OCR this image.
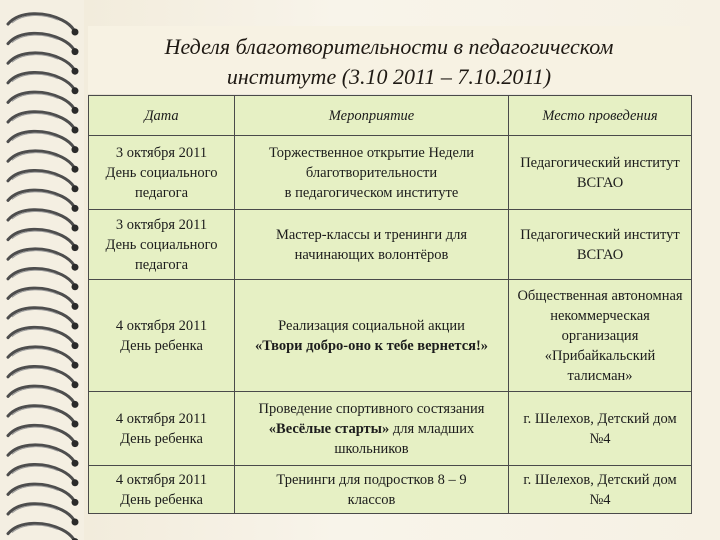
Неделя благотворительности в педагогическом
институте (3.10 2011 – 7.10.2011)
Дата	Мероприятие	Место проведения

3 октября 2011
День социального
педагога	Торжественное открытие Недели
благотворительности
в педагогическом институте	Педагогический институт
ВСГАО

3 октября 2011
День социального
педагога	Мастер-классы и тренинги для
начинающих волонтёров	Педагогический институт
ВСГАО

4 октября 2011
День ребенка	Реализация социальной акции
«Твори добро-оно к тебе вернется!»	Общественная автономная
некоммерческая
организация
«Прибайкальский
талисман»

4 октября 2011
День ребенка	Проведение спортивного состязания
«Весёлые старты» для младших
школьников	г. Шелехов, Детский дом
№4

4 октября 2011
День ребенка	Тренинги для подростков 8 – 9
классов	г. Шелехов, Детский дом
№4
